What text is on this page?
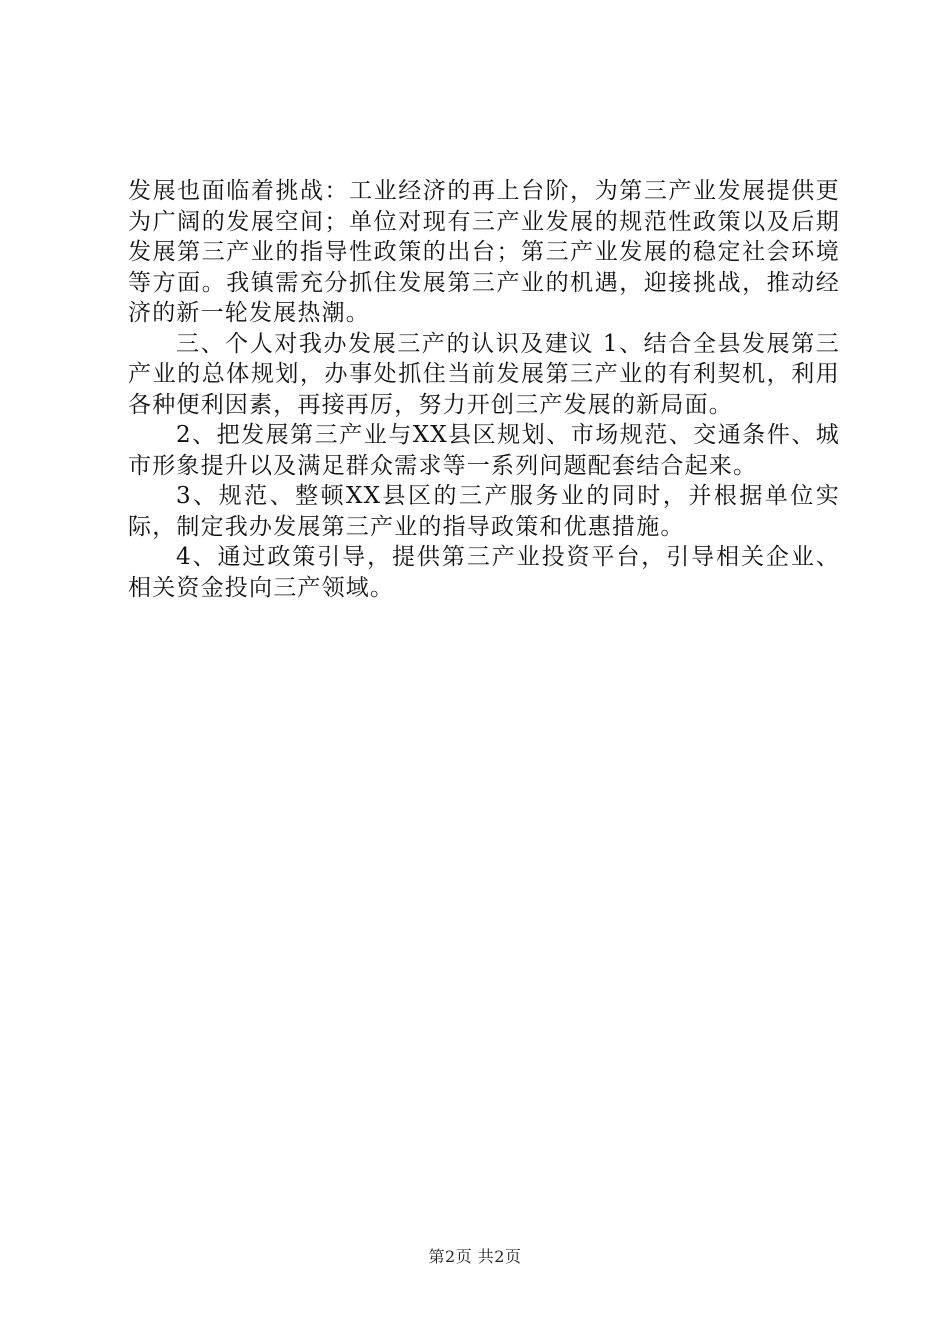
发展也面临着挑战：工业经济的再上台阶，为第三产业发展提供更为广阔的发展空间；单位对现有三产业发展的规范性政策以及后期发展第三产业的指导性政策的出台；第三产业发展的稳定社会环境等方面。我镇需充分抓住发展第三产业的机遇，迎接挑战，推动经济的新一轮发展热潮。

三、个人对我办发展三产的认识及建议 1、结合全县发展第三产业的总体规划，办事处抓住当前发展第三产业的有利契机，利用各种便利因素，再接再厉，努力开创三产发展的新局面。

2、把发展第三产业与XX县区规划、市场规范、交通条件、城市形象提升以及满足群众需求等一系列问题配套结合起来。

3、规范、整顿XX县区的三产服务业的同时，并根据单位实际，制定我办发展第三产业的指导政策和优惠措施。

4、通过政策引导，提供第三产业投资平台，引导相关企业、相关资金投向三产领域。

第2页 共2页
